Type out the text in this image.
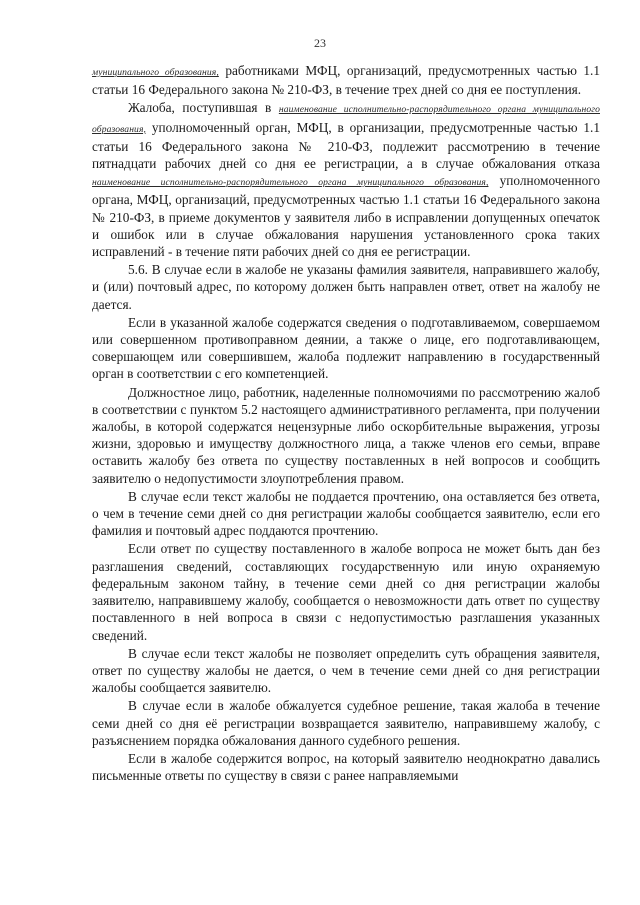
23

муниципального образования, работниками МФЦ, организаций, предусмотренных частью 1.1 статьи 16 Федерального закона № 210-ФЗ, в течение трех дней со дня ее поступления.

Жалоба, поступившая в наименование исполнительно-распорядительного органа муниципального образования, уполномоченный орган, МФЦ, в организации, предусмотренные частью 1.1 статьи 16 Федерального закона № 210-ФЗ, подлежит рассмотрению в течение пятнадцати рабочих дней со дня ее регистрации, а в случае обжалования отказа наименование исполнительно-распорядительного органа муниципального образования, уполномоченного органа, МФЦ, организаций, предусмотренных частью 1.1 статьи 16 Федерального закона № 210-ФЗ, в приеме документов у заявителя либо в исправлении допущенных опечаток и ошибок или в случае обжалования нарушения установленного срока таких исправлений - в течение пяти рабочих дней со дня ее регистрации.

5.6. В случае если в жалобе не указаны фамилия заявителя, направившего жалобу, и (или) почтовый адрес, по которому должен быть направлен ответ, ответ на жалобу не дается.

Если в указанной жалобе содержатся сведения о подготавливаемом, совершаемом или совершенном противоправном деянии, а также о лице, его подготавливающем, совершающем или совершившем, жалоба подлежит направлению в государственный орган в соответствии с его компетенцией.

Должностное лицо, работник, наделенные полномочиями по рассмотрению жалоб в соответствии с пунктом 5.2 настоящего административного регламента, при получении жалобы, в которой содержатся нецензурные либо оскорбительные выражения, угрозы жизни, здоровью и имуществу должностного лица, а также членов его семьи, вправе оставить жалобу без ответа по существу поставленных в ней вопросов и сообщить заявителю о недопустимости злоупотребления правом.

В случае если текст жалобы не поддается прочтению, она оставляется без ответа, о чем в течение семи дней со дня регистрации жалобы сообщается заявителю, если его фамилия и почтовый адрес поддаются прочтению.

Если ответ по существу поставленного в жалобе вопроса не может быть дан без разглашения сведений, составляющих государственную или иную охраняемую федеральным законом тайну, в течение семи дней со дня регистрации жалобы заявителю, направившему жалобу, сообщается о невозможности дать ответ по существу поставленного в ней вопроса в связи с недопустимостью разглашения указанных сведений.

В случае если текст жалобы не позволяет определить суть обращения заявителя, ответ по существу жалобы не дается, о чем в течение семи дней со дня регистрации жалобы сообщается заявителю.

В случае если в жалобе обжалуется судебное решение, такая жалоба в течение семи дней со дня её регистрации возвращается заявителю, направившему жалобу, с разъяснением порядка обжалования данного судебного решения.

Если в жалобе содержится вопрос, на который заявителю неоднократно давались письменные ответы по существу в связи с ранее направляемыми
